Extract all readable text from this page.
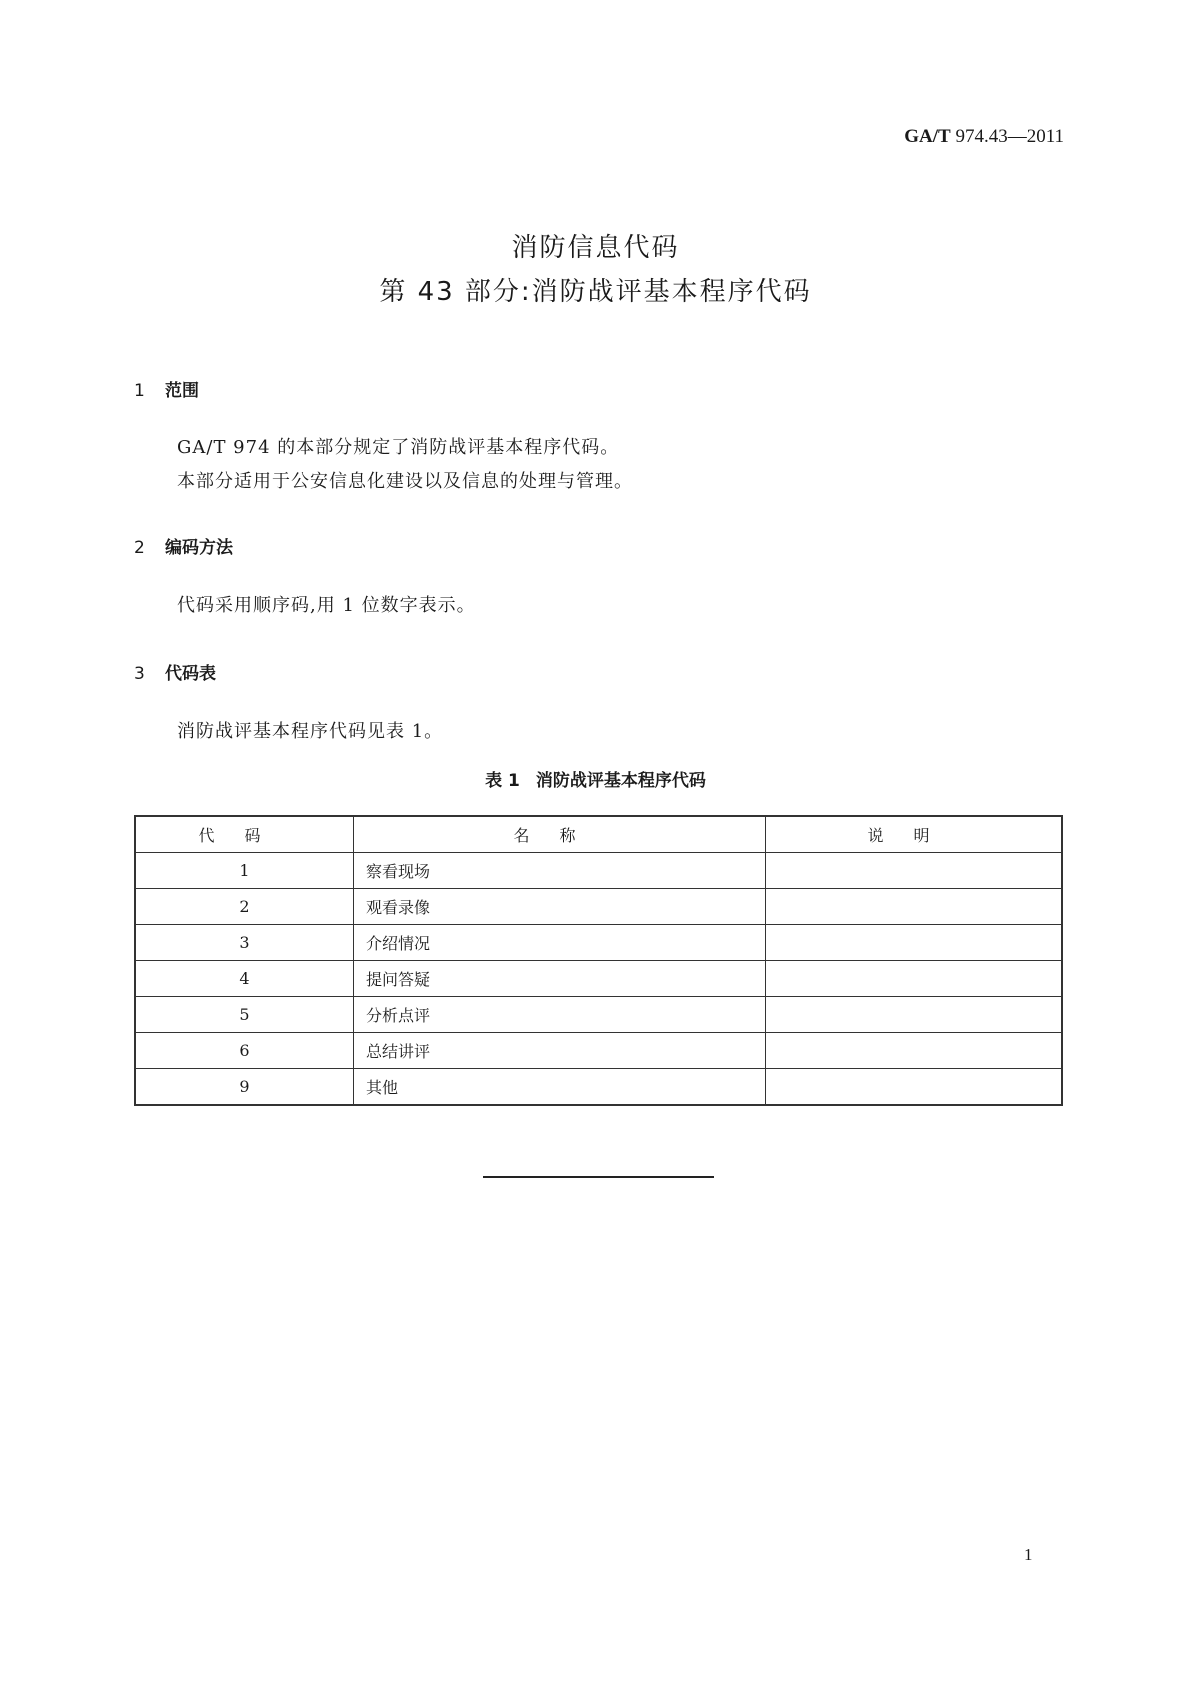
GA/T 974.43—2011
消防信息代码
第 43 部分:消防战评基本程序代码
1 范围
GA/T 974 的本部分规定了消防战评基本程序代码。
本部分适用于公安信息化建设以及信息的处理与管理。
2 编码方法
代码采用顺序码,用 1 位数字表示。
3 代码表
消防战评基本程序代码见表 1。
表 1 消防战评基本程序代码
代码	名称	说明
1	察看现场	
2	观看录像	
3	介绍情况	
4	提问答疑	
5	分析点评	
6	总结讲评	
9	其他	
1
